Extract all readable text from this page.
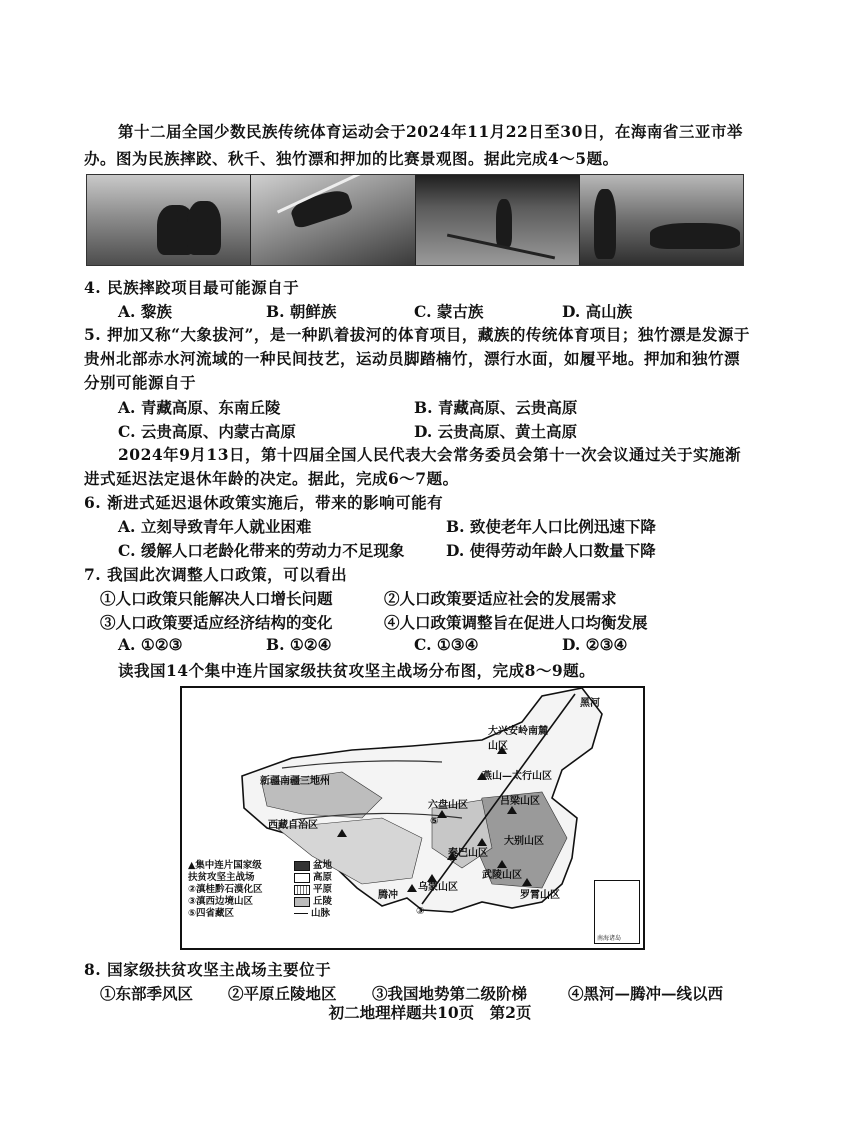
第十二届全国少数民族传统体育运动会于2024年11月22日至30日，在海南省三亚市举办。图为民族摔跤、秋千、独竹漂和押加的比赛景观图。据此完成4～5题。
4. 民族摔跤项目最可能源自于
A. 黎族	B. 朝鲜族	C. 蒙古族	D. 高山族
5. 押加又称“大象拔河”，是一种趴着拔河的体育项目，藏族的传统体育项目；独竹漂是发源于贵州北部赤水河流域的一种民间技艺，运动员脚踏楠竹，漂行水面，如履平地。押加和独竹漂分别可能源自于
A. 青藏高原、东南丘陵	B. 青藏高原、云贵高原
C. 云贵高原、内蒙古高原	D. 云贵高原、黄土高原
2024年9月13日，第十四届全国人民代表大会常务委员会第十一次会议通过关于实施渐进式延迟法定退休年龄的决定。据此，完成6～7题。
6. 渐进式延迟退休政策实施后，带来的影响可能有
A. 立刻导致青年人就业困难	B. 致使老年人口比例迅速下降
C. 缓解人口老龄化带来的劳动力不足现象	D. 使得劳动年龄人口数量下降
7. 我国此次调整人口政策，可以看出
①人口政策只能解决人口增长问题	②人口政策要适应社会的发展需求
③人口政策要适应经济结构的变化	④人口政策调整旨在促进人口均衡发展
A. ①②③	B. ①②④	C. ①③④	D. ②③④
读我国14个集中连片国家级扶贫攻坚主战场分布图，完成8～9题。
黑河
大兴安岭南麓山区
新疆南疆三地州	燕山—太行山区
六盘山区	吕梁山区
西藏自治区
大别山区
秦巴山区
武陵山区
罗霄山区
乌蒙山区
腾冲
⑤
③
▲集中连片国家级
扶贫攻坚主战场
②滇桂黔石漠化区
③滇西边境山区
⑤四省藏区
盆地
高原
平原
丘陵
山脉
南海诸岛
8. 国家级扶贫攻坚主战场主要位于
①东部季风区 ②平原丘陵地区 ③我国地势第二级阶梯	④黑河—腾冲—线以西
初二地理样题共10页　第2页
